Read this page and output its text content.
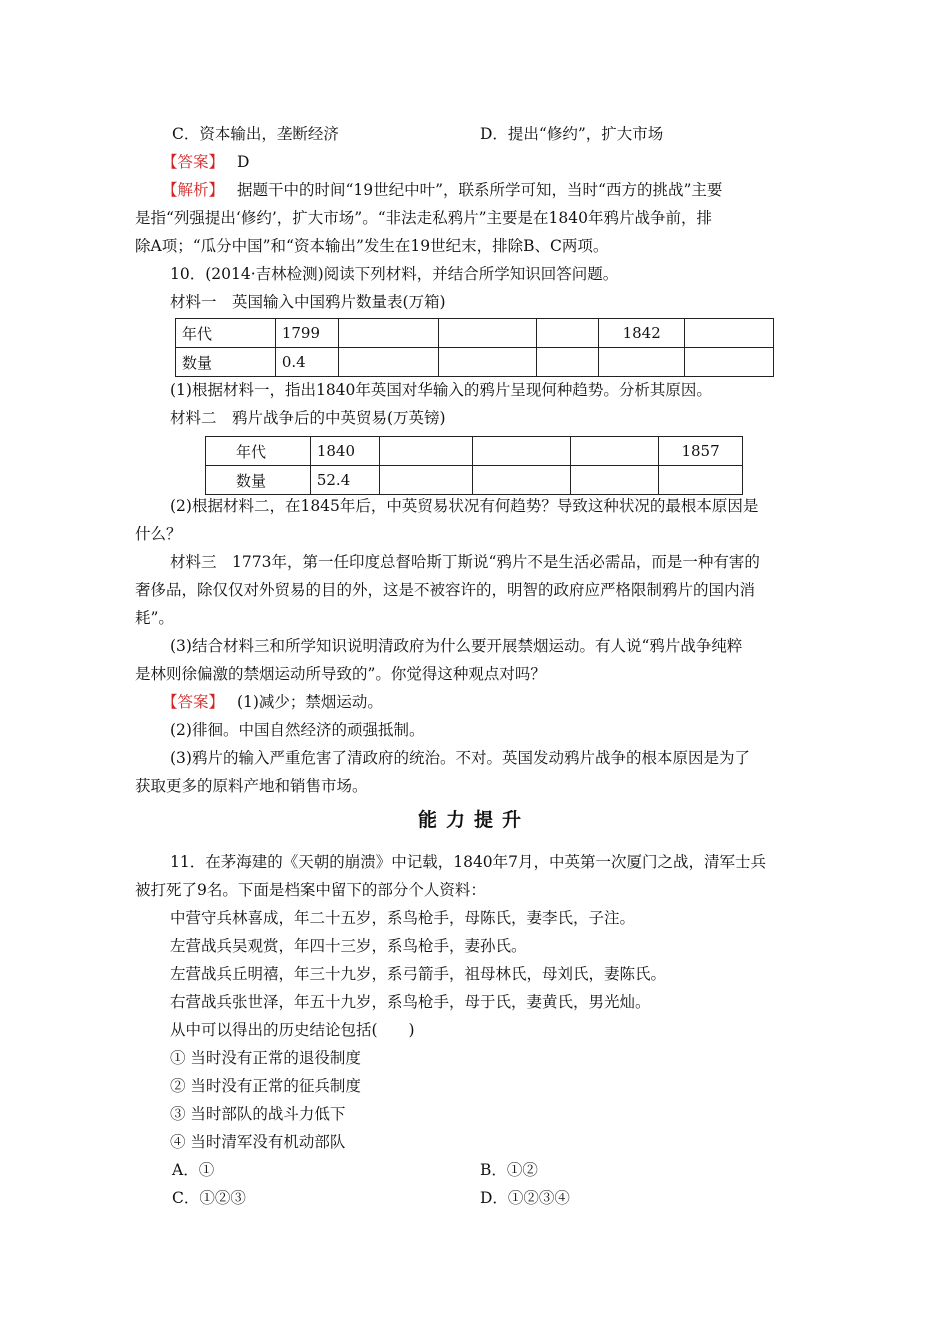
C．资本输出，垄断经济	D．提出“修约”，扩大市场
【答案】 D
【解析】 据题干中的时间“19世纪中叶”，联系所学可知，当时“西方的挑战”主要
是指“列强提出‘修约’，扩大市场”。“非法走私鸦片”主要是在1840年鸦片战争前，排
除A项；“瓜分中国”和“资本输出”发生在19世纪末，排除B、C两项。
10．(2014·吉林检测)阅读下列材料，并结合所学知识回答问题。
材料一　英国输入中国鸦片数量表(万箱)
年代	1799				1842	
数量	0.4					
(1)根据材料一，指出1840年英国对华输入的鸦片呈现何种趋势。分析其原因。
材料二　鸦片战争后的中英贸易(万英镑)
年代	1840				1857
数量	52.4				
(2)根据材料二，在1845年后，中英贸易状况有何趋势？导致这种状况的最根本原因是
什么？
材料三　1773年，第一任印度总督哈斯丁斯说“鸦片不是生活必需品，而是一种有害的
奢侈品，除仅仅对外贸易的目的外，这是不被容许的，明智的政府应严格限制鸦片的国内消
耗”。
(3)结合材料三和所学知识说明清政府为什么要开展禁烟运动。有人说“鸦片战争纯粹
是林则徐偏激的禁烟运动所导致的”。你觉得这种观点对吗？
【答案】 (1)减少；禁烟运动。
(2)徘徊。中国自然经济的顽强抵制。
(3)鸦片的输入严重危害了清政府的统治。不对。英国发动鸦片战争的根本原因是为了
获取更多的原料产地和销售市场。
能力提升
11．在茅海建的《天朝的崩溃》中记载，1840年7月，中英第一次厦门之战，清军士兵
被打死了9名。下面是档案中留下的部分个人资料：
中营守兵林喜成，年二十五岁，系鸟枪手，母陈氏，妻李氏，子注。
左营战兵吴观赏，年四十三岁，系鸟枪手，妻孙氏。
左营战兵丘明禧，年三十九岁，系弓箭手，祖母林氏，母刘氏，妻陈氏。
右营战兵张世泽，年五十九岁，系鸟枪手，母于氏，妻黄氏，男光灿。
从中可以得出的历史结论包括(　　)
① 当时没有正常的退役制度
② 当时没有正常的征兵制度
③ 当时部队的战斗力低下
④ 当时清军没有机动部队
A．①	B．①②
C．①②③	D．①②③④
